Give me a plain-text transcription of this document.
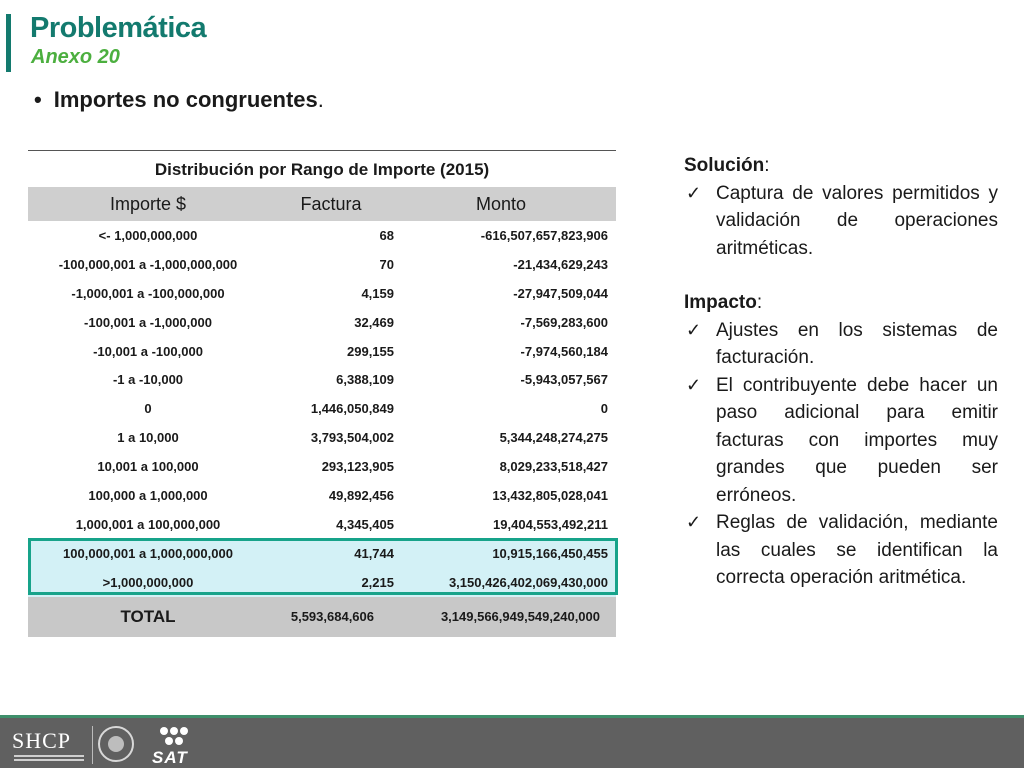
Problemática
Anexo 20
• Importes no congruentes.
Distribución por Rango de Importe (2015)
Importe $	Factura	Monto
<- 1,000,000,000	68	-616,507,657,823,906
-100,000,001 a -1,000,000,000	70	-21,434,629,243
-1,000,001 a -100,000,000	4,159	-27,947,509,044
-100,001 a -1,000,000	32,469	-7,569,283,600
-10,001 a -100,000	299,155	-7,974,560,184
-1 a -10,000	6,388,109	-5,943,057,567
0	1,446,050,849	0
1 a 10,000	3,793,504,002	5,344,248,274,275
10,001 a 100,000	293,123,905	8,029,233,518,427
100,000 a 1,000,000	49,892,456	13,432,805,028,041
1,000,001 a 100,000,000	4,345,405	19,404,553,492,211
100,000,001 a 1,000,000,000	41,744	10,915,166,450,455
>1,000,000,000	2,215	3,150,426,402,069,430,000
TOTAL	5,593,684,606	3,149,566,949,549,240,000
Solución:
✓ Captura de valores permitidos y validación de operaciones aritméticas.
Impacto:
✓ Ajustes en los sistemas de facturación.
✓ El contribuyente debe hacer un paso adicional para emitir facturas con importes muy grandes que pueden ser erróneos.
✓ Reglas de validación, mediante las cuales se identifican la correcta operación aritmética.
SHCP
SAT
